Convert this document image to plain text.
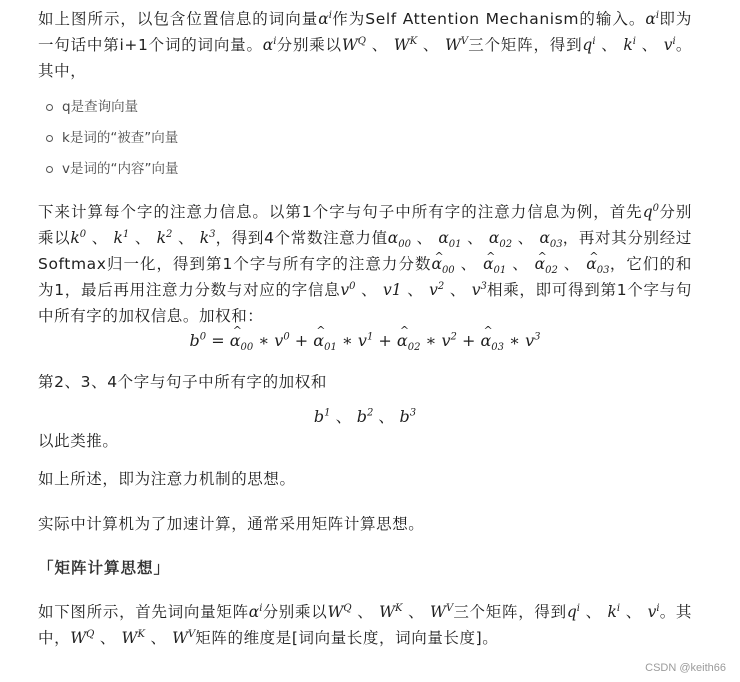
如上图所示，以包含位置信息的词向量$\alpha^i$作为Self Attention Mechanism的输入。$\alpha^i$即为一句话中第i+1个词的词向量。$\alpha^i$分别乘以$W^Q$ 、 $W^K$ 、 $W^V$三个矩阵，得到$q^i$ 、 $k^i$ 、 $v^i$。其中，

q是查询向量
k是词的“被查”向量
v是词的“内容”向量

下来计算每个字的注意力信息。以第1个字与句子中所有字的注意力信息为例，首先$q^0$分别乘以$k^0$ 、 $k^1$ 、 $k^2$ 、 $k^3$，得到4个常数注意力值$\alpha_{00}$ 、 $\alpha_{01}$ 、 $\alpha_{02}$ 、 $\alpha_{03}$，再对其分别经过Softmax归一化，得到第1个字与所有字的注意力分数α $\^{}_{00}$ 、 α $\^{}_{01}$ 、 α $\^{}_{02}$ 、 α $\^{}_{03}$，它们的和为1，最后再用注意力分数与对应的字信息$v^0$ 、 v1 、 $v^2$ 、 $v^3$相乘，即可得到第1个字与句中所有字的加权信息。加权和：

$b^0 = \alpha$ $\^{}_{00}$ ∗ $v^0 + \alpha$ $\^{}_{01}$ ∗ $v^1 + \alpha$ $\^{}_{02}$ ∗ $v^2 + \alpha$ $\^{}_{03}$ ∗ $v^3$

第2、3、4个字与句子中所有字的加权和

$b^1$ 、 $b^2$ 、 $b^3$

以此类推。

如上所述，即为注意力机制的思想。

实际中计算机为了加速计算，通常采用矩阵计算思想。

「矩阵计算思想」

如下图所示，首先词向量矩阵$\alpha^i$分别乘以$W^Q$ 、 $W^K$ 、 $W^V$三个矩阵，得到$q^i$ 、 $k^i$ 、 $v^i$。其中，$W^Q$ 、 $W^K$ 、 $W^V$矩阵的维度是[词向量长度，词向量长度]。

CSDN @keith66
